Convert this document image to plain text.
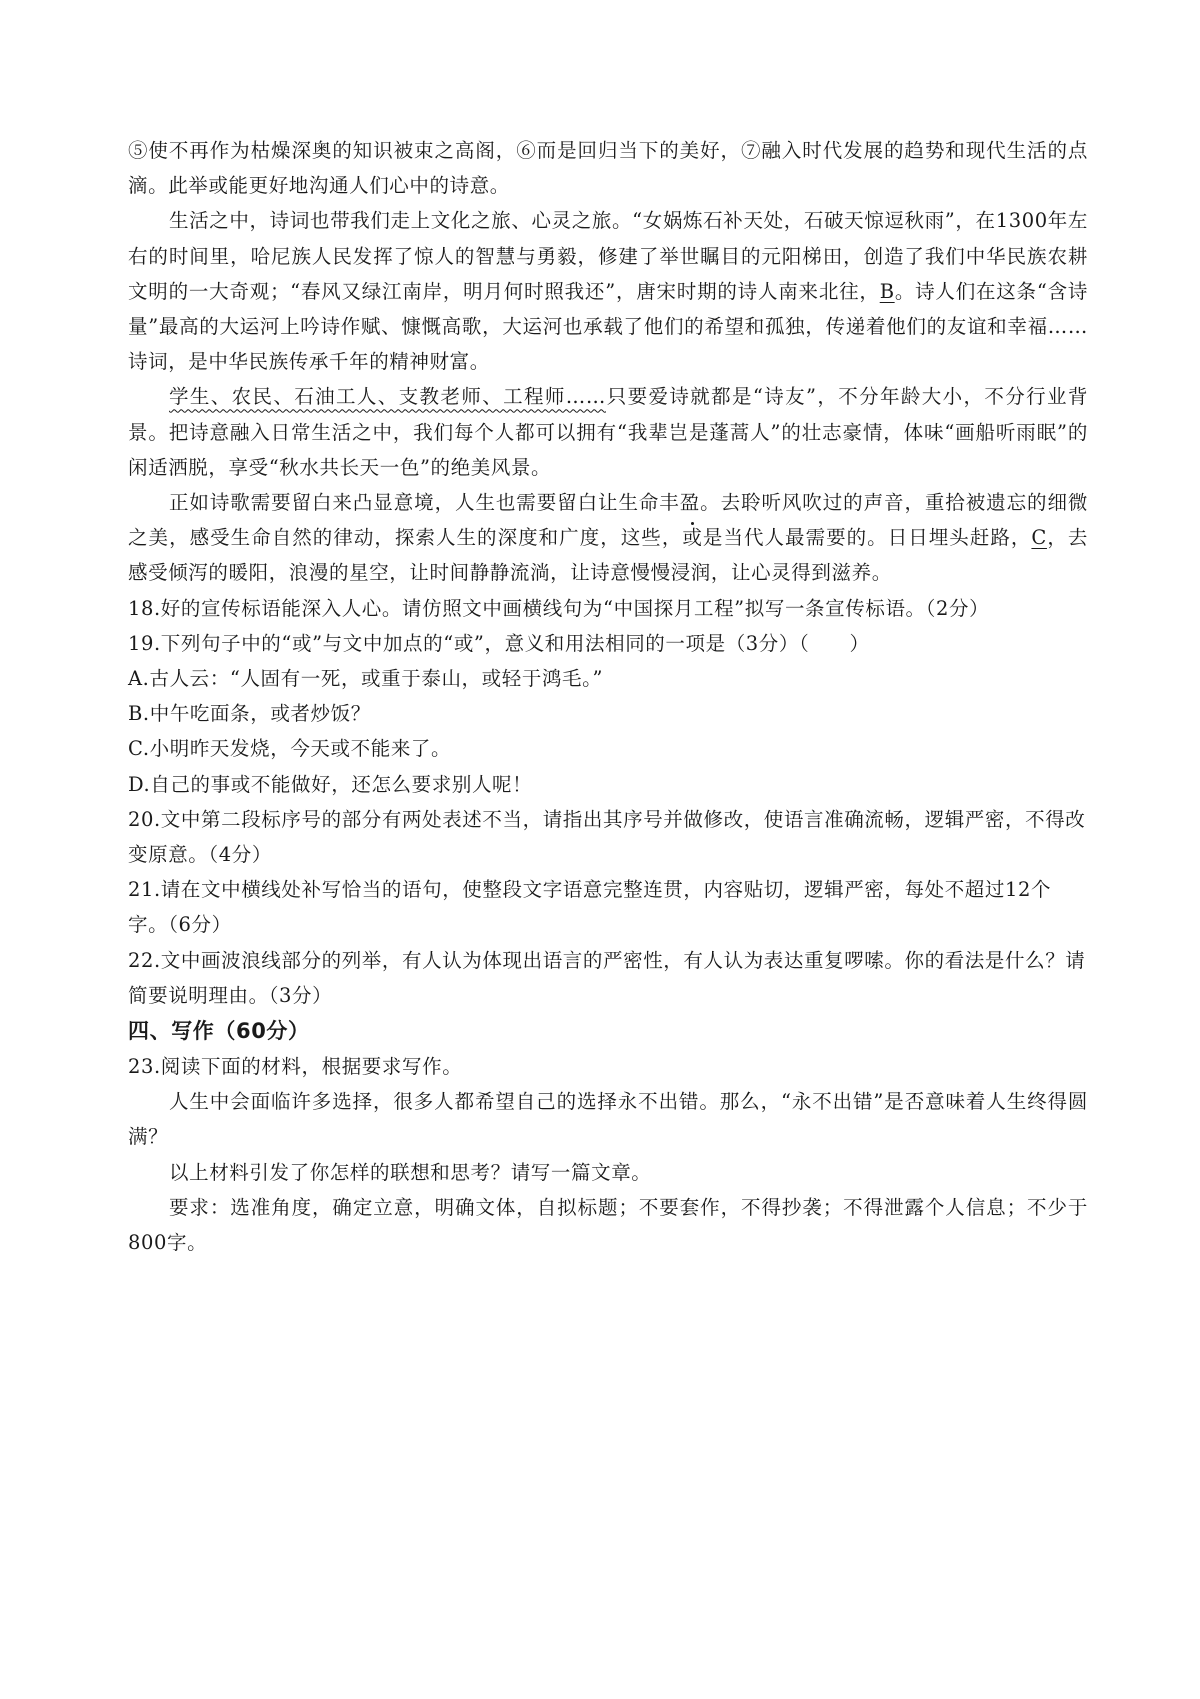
⑤使不再作为枯燥深奥的知识被束之高阁，⑥而是回归当下的美好，⑦融入时代发展的趋势和现代生活的点滴。此举或能更好地沟通人们心中的诗意。

生活之中，诗词也带我们走上文化之旅、心灵之旅。“女娲炼石补天处，石破天惊逗秋雨”，在1300年左右的时间里，哈尼族人民发挥了惊人的智慧与勇毅，修建了举世瞩目的元阳梯田，创造了我们中华民族农耕文明的一大奇观；“春风又绿江南岸，明月何时照我还”，唐宋时期的诗人南来北往，B。诗人们在这条“含诗量”最高的大运河上吟诗作赋、慷慨高歌，大运河也承载了他们的希望和孤独，传递着他们的友谊和幸福……诗词，是中华民族传承千年的精神财富。

学生、农民、石油工人、支教老师、工程师……只要爱诗就都是“诗友”，不分年龄大小，不分行业背景。把诗意融入日常生活之中，我们每个人都可以拥有“我辈岂是蓬蒿人”的壮志豪情，体味“画船听雨眠”的闲适洒脱，享受“秋水共长天一色”的绝美风景。

正如诗歌需要留白来凸显意境，人生也需要留白让生命丰盈。去聆听风吹过的声音，重拾被遗忘的细微之美，感受生命自然的律动，探索人生的深度和广度，这些，或是当代人最需要的。日日埋头赶路，C，去感受倾泻的暖阳，浪漫的星空，让时间静静流淌，让诗意慢慢浸润，让心灵得到滋养。

18.好的宣传标语能深入人心。请仿照文中画横线句为“中国探月工程”拟写一条宣传标语。（2分）

19.下列句子中的“或”与文中加点的“或”，意义和用法相同的一项是（3分）（　　）

A.古人云：“人固有一死，或重于泰山，或轻于鸿毛。”

B.中午吃面条，或者炒饭？

C.小明昨天发烧，今天或不能来了。

D.自己的事或不能做好，还怎么要求别人呢！

20.文中第二段标序号的部分有两处表述不当，请指出其序号并做修改，使语言准确流畅，逻辑严密，不得改变原意。（4分）

21.请在文中横线处补写恰当的语句，使整段文字语意完整连贯，内容贴切，逻辑严密，每处不超过12个字。（6分）

22.文中画波浪线部分的列举，有人认为体现出语言的严密性，有人认为表达重复啰嗦。你的看法是什么？请简要说明理由。（3分）

四、写作（60分）

23.阅读下面的材料，根据要求写作。

人生中会面临许多选择，很多人都希望自己的选择永不出错。那么，“永不出错”是否意味着人生终得圆满？

以上材料引发了你怎样的联想和思考？请写一篇文章。

要求：选准角度，确定立意，明确文体，自拟标题；不要套作，不得抄袭；不得泄露个人信息；不少于800字。
